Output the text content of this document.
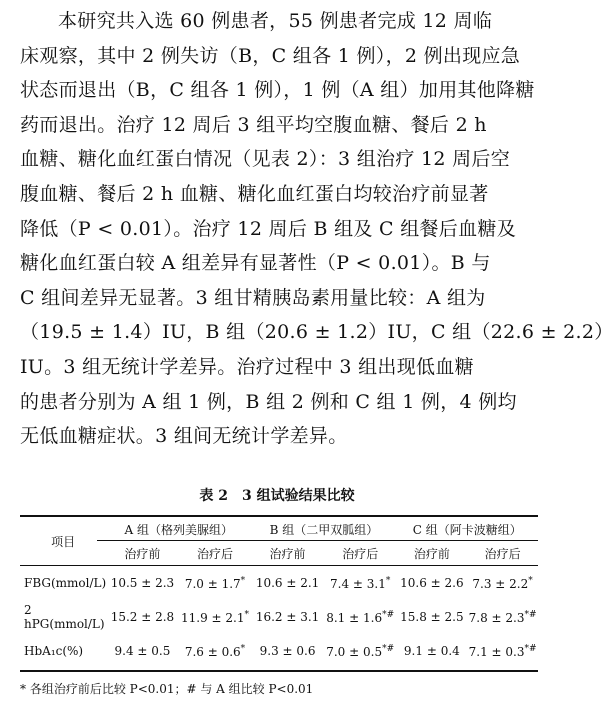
本研究共入选 60 例患者，55 例患者完成 12 周临
床观察，其中 2 例失访（B，C 组各 1 例），2 例出现应急
状态而退出（B，C 组各 1 例），1 例（A 组）加用其他降糖
药而退出。治疗 12 周后 3 组平均空腹血糖、餐后 2 h
血糖、糖化血红蛋白情况（见表 2）：3 组治疗 12 周后空
腹血糖、餐后 2 h 血糖、糖化血红蛋白均较治疗前显著
降低（P < 0.01）。治疗 12 周后 B 组及 C 组餐后血糖及
糖化血红蛋白较 A 组差异有显著性（P < 0.01）。B 与
C 组间差异无显著。3 组甘精胰岛素用量比较：A 组为
（19.5 ± 1.4）IU，B 组（20.6 ± 1.2）IU，C 组（22.6 ± 2.2）
IU。3 组无统计学差异。治疗过程中 3 组出现低血糖
的患者分别为 A 组 1 例，B 组 2 例和 C 组 1 例，4 例均
无低血糖症状。3 组间无统计学差异。
表 2　3 组试验结果比较
项目	A 组（格列美脲组）		B 组（二甲双胍组）		C 组（阿卡波糖组）	
	治疗前	治疗后	治疗前	治疗后	治疗前	治疗后
FBG(mmol/L)	10.5 ± 2.3	7.0 ± 1.7*	10.6 ± 2.1	7.4 ± 3.1*	10.6 ± 2.6	7.3 ± 2.2*
2 hPG(mmol/L)	15.2 ± 2.8	11.9 ± 2.1*	16.2 ± 3.1	8.1 ± 1.6*#	15.8 ± 2.5	7.8 ± 2.3*#
HbA₁c(%)	9.4 ± 0.5	7.6 ± 0.6*	9.3 ± 0.6	7.0 ± 0.5*#	9.1 ± 0.4	7.1 ± 0.3*#
* 各组治疗前后比较 P<0.01；# 与 A 组比较 P<0.01
